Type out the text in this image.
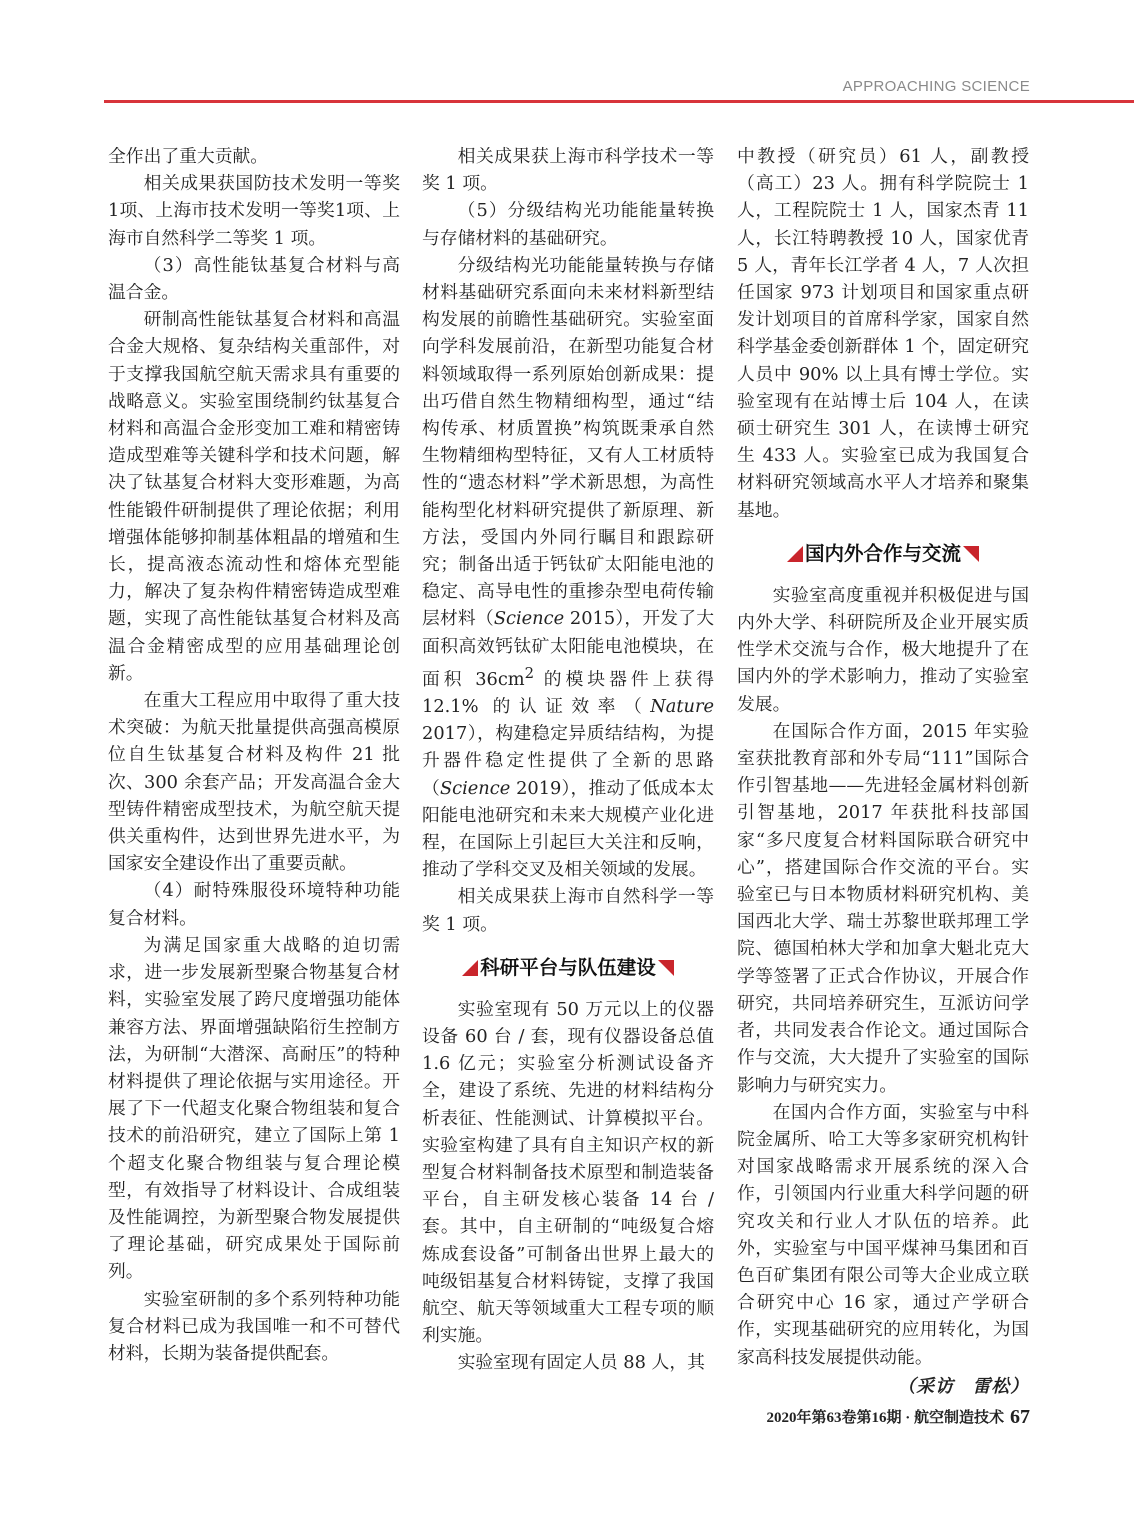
APPROACHING SCIENCE

全作出了重大贡献。

相关成果获国防技术发明一等奖1项、上海市技术发明一等奖1项、上海市自然科学二等奖 1 项。

（3）高性能钛基复合材料与高温合金。

研制高性能钛基复合材料和高温合金大规格、复杂结构关重部件，对于支撑我国航空航天需求具有重要的战略意义。实验室围绕制约钛基复合材料和高温合金形变加工难和精密铸造成型难等关键科学和技术问题，解决了钛基复合材料大变形难题，为高性能锻件研制提供了理论依据；利用增强体能够抑制基体粗晶的增殖和生长，提高液态流动性和熔体充型能力，解决了复杂构件精密铸造成型难题，实现了高性能钛基复合材料及高温合金精密成型的应用基础理论创新。

在重大工程应用中取得了重大技术突破：为航天批量提供高强高模原位自生钛基复合材料及构件 21 批次、300 余套产品；开发高温合金大型铸件精密成型技术，为航空航天提供关重构件，达到世界先进水平，为国家安全建设作出了重要贡献。

（4）耐特殊服役环境特种功能复合材料。

为满足国家重大战略的迫切需求，进一步发展新型聚合物基复合材料，实验室发展了跨尺度增强功能体兼容方法、界面增强缺陷衍生控制方法，为研制“大潜深、高耐压”的特种材料提供了理论依据与实用途径。开展了下一代超支化聚合物组装和复合技术的前沿研究，建立了国际上第 1 个超支化聚合物组装与复合理论模型，有效指导了材料设计、合成组装及性能调控，为新型聚合物发展提供了理论基础，研究成果处于国际前列。

实验室研制的多个系列特种功能复合材料已成为我国唯一和不可替代材料，长期为装备提供配套。

相关成果获上海市科学技术一等奖 1 项。

（5）分级结构光功能能量转换与存储材料的基础研究。

分级结构光功能能量转换与存储材料基础研究系面向未来材料新型结构发展的前瞻性基础研究。实验室面向学科发展前沿，在新型功能复合材料领域取得一系列原始创新成果：提出巧借自然生物精细构型，通过“结构传承、材质置换”构筑既秉承自然生物精细构型特征，又有人工材质特性的“遗态材料”学术新思想，为高性能构型化材料研究提供了新原理、新方法，受国内外同行瞩目和跟踪研究；制备出适于钙钛矿太阳能电池的稳定、高导电性的重掺杂型电荷传输层材料（Science 2015），开发了大面积高效钙钛矿太阳能电池模块，在面积 $36cm^2$ 的模块器件上获得 12.1% 的认证效率（Nature 2017），构建稳定异质结结构，为提升器件稳定性提供了全新的思路（Science 2019），推动了低成本太阳能电池研究和未来大规模产业化进程，在国际上引起巨大关注和反响，推动了学科交叉及相关领域的发展。

相关成果获上海市自然科学一等奖 1 项。

科研平台与队伍建设

实验室现有 50 万元以上的仪器设备 60 台 / 套，现有仪器设备总值 1.6 亿元；实验室分析测试设备齐全，建设了系统、先进的材料结构分析表征、性能测试、计算模拟平台。实验室构建了具有自主知识产权的新型复合材料制备技术原型和制造装备平台，自主研发核心装备 14 台 / 套。其中，自主研制的“吨级复合熔炼成套设备”可制备出世界上最大的吨级铝基复合材料铸锭，支撑了我国航空、航天等领域重大工程专项的顺利实施。

实验室现有固定人员 88 人，其

中教授（研究员）61 人，副教授（高工）23 人。拥有科学院院士 1 人，工程院院士 1 人，国家杰青 11 人，长江特聘教授 10 人，国家优青 5 人，青年长江学者 4 人，7 人次担任国家 973 计划项目和国家重点研发计划项目的首席科学家，国家自然科学基金委创新群体 1 个，固定研究人员中 90% 以上具有博士学位。实验室现有在站博士后 104 人，在读硕士研究生 301 人，在读博士研究生 433 人。实验室已成为我国复合材料研究领域高水平人才培养和聚集基地。

国内外合作与交流

实验室高度重视并积极促进与国内外大学、科研院所及企业开展实质性学术交流与合作，极大地提升了在国内外的学术影响力，推动了实验室发展。

在国际合作方面，2015 年实验室获批教育部和外专局“111”国际合作引智基地——先进轻金属材料创新引智基地，2017 年获批科技部国家“多尺度复合材料国际联合研究中心”，搭建国际合作交流的平台。实验室已与日本物质材料研究机构、美国西北大学、瑞士苏黎世联邦理工学院、德国柏林大学和加拿大魁北克大学等签署了正式合作协议，开展合作研究，共同培养研究生，互派访问学者，共同发表合作论文。通过国际合作与交流，大大提升了实验室的国际影响力与研究实力。

在国内合作方面，实验室与中科院金属所、哈工大等多家研究机构针对国家战略需求开展系统的深入合作，引领国内行业重大科学问题的研究攻关和行业人才队伍的培养。此外，实验室与中国平煤神马集团和百色百矿集团有限公司等大企业成立联合研究中心 16 家，通过产学研合作，实现基础研究的应用转化，为国家高科技发展提供动能。

（采访　雷松）
2020年第63卷第16期 · 航空制造技术 67
